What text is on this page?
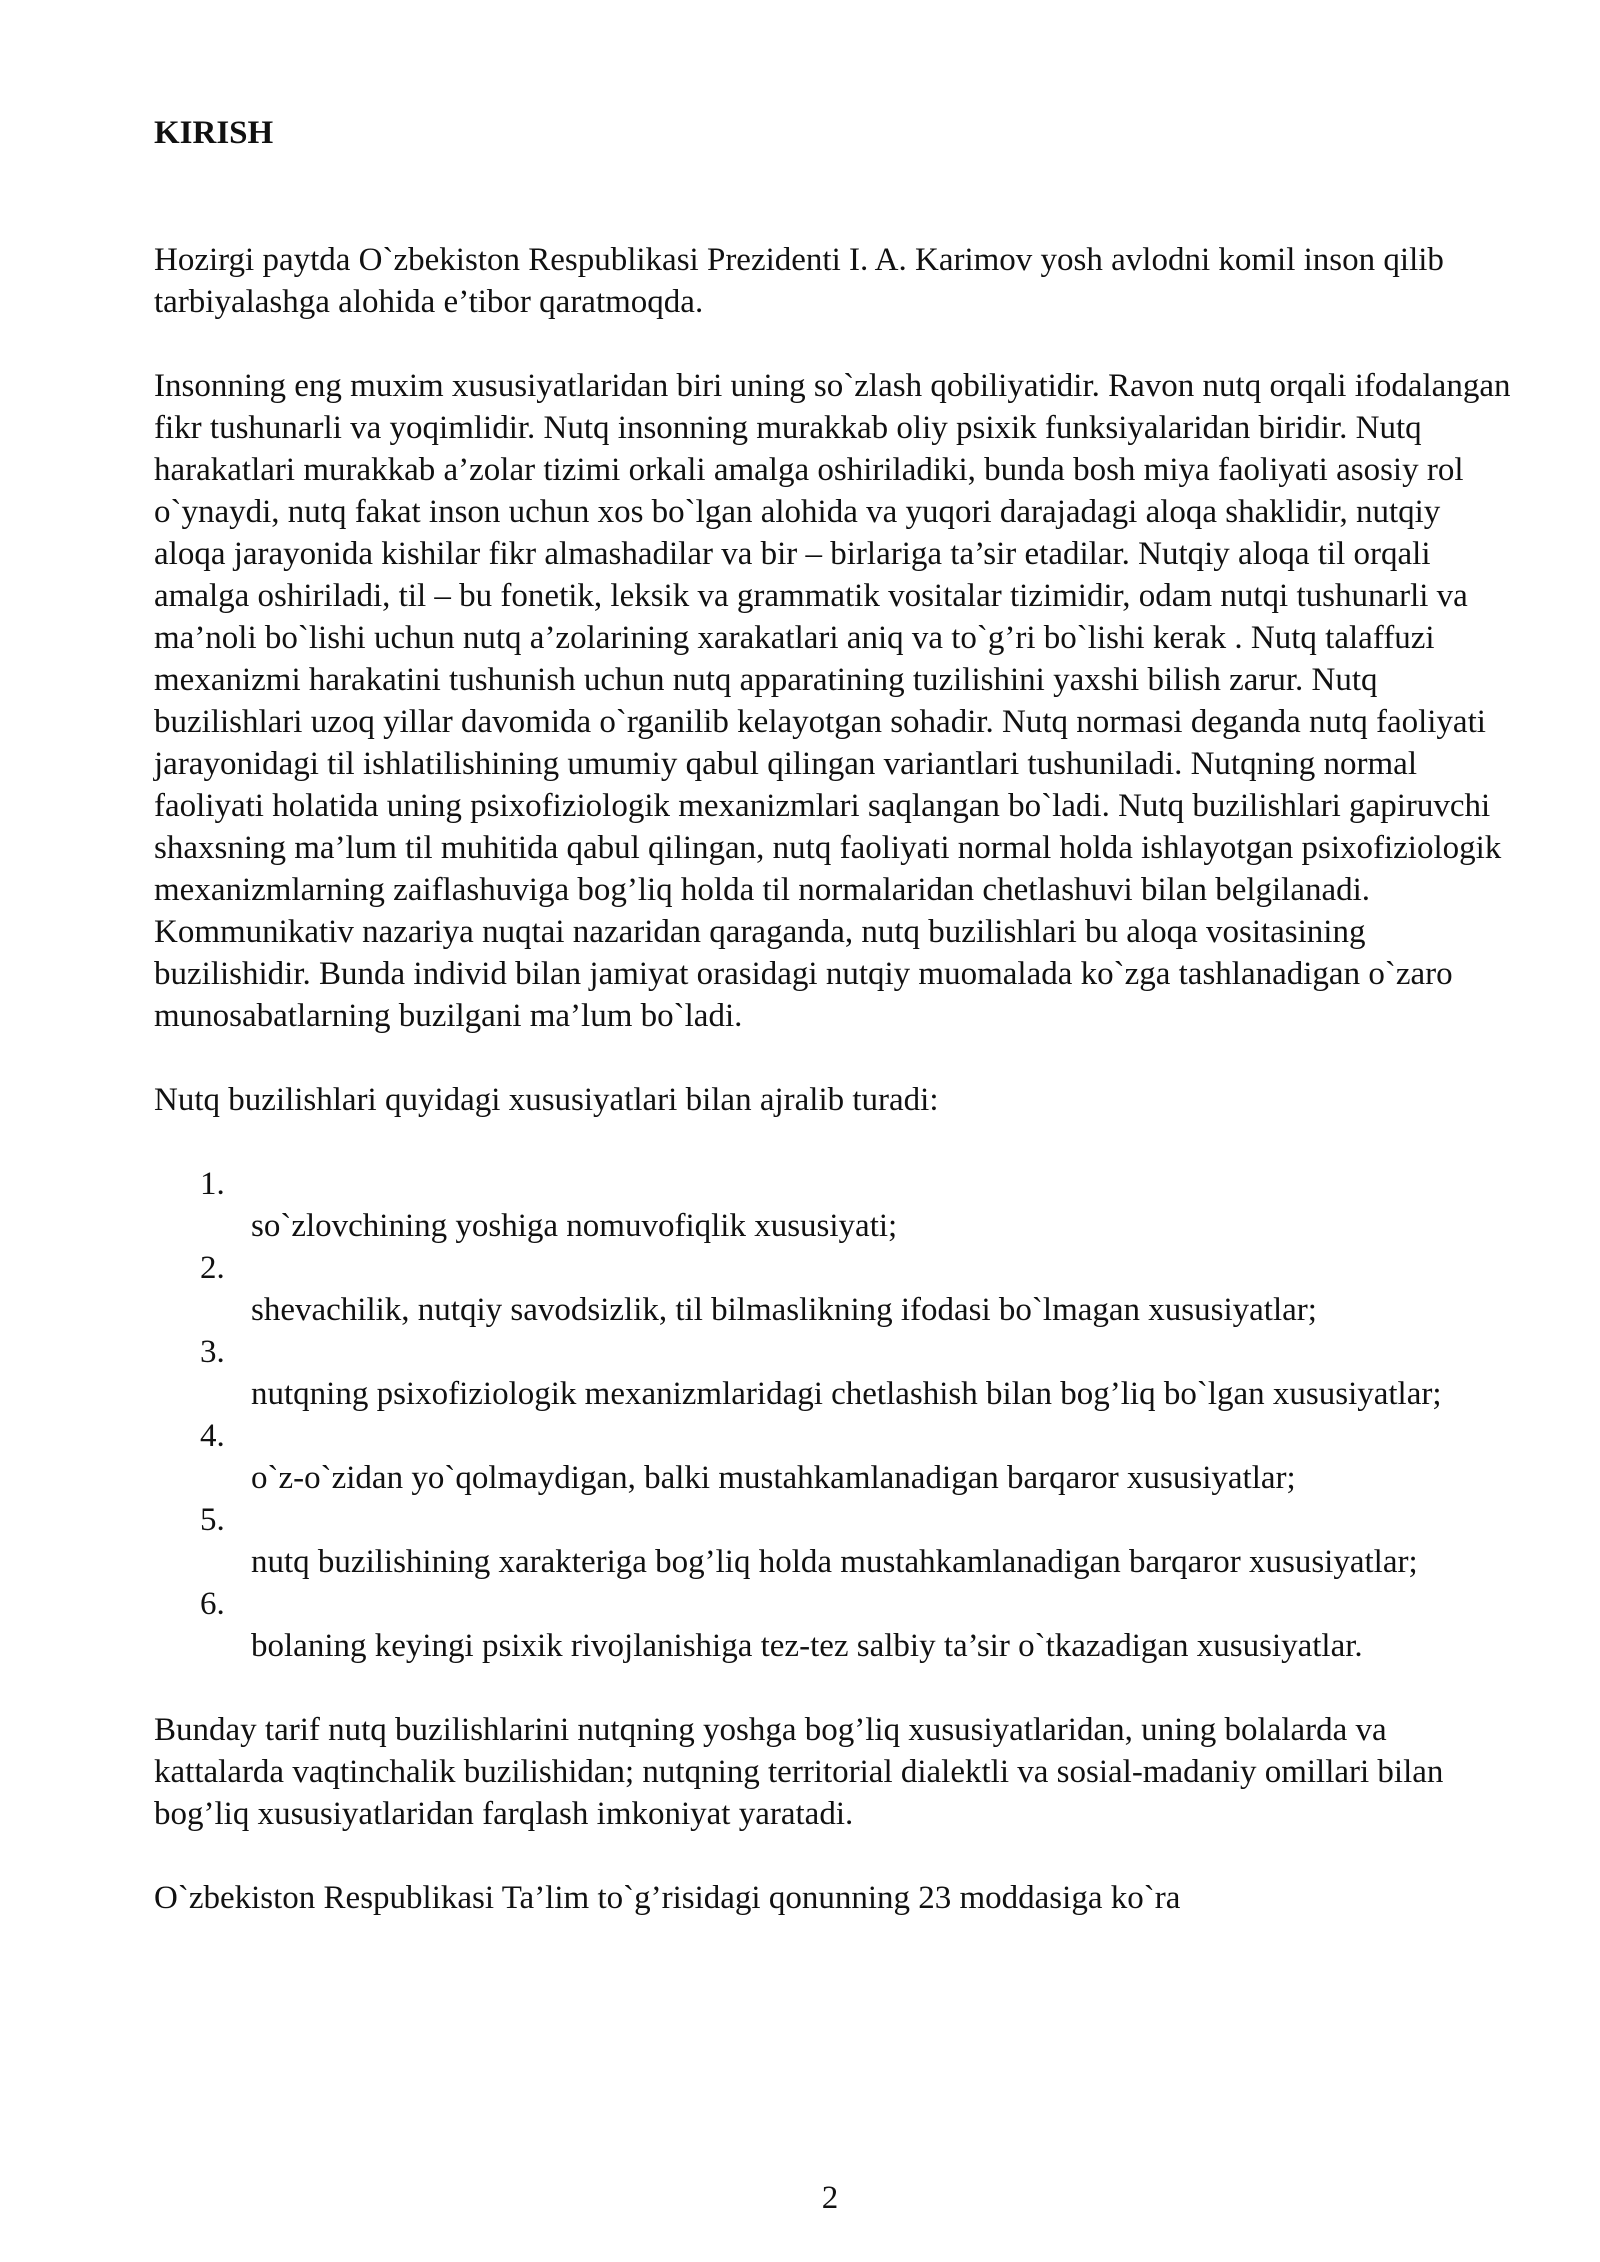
KIRISH

Hozirgi paytda O`zbekiston Respublikasi Prezidenti I. A. Karimov yosh avlodni komil inson qilib tarbiyalashga alohida e’tibor qaratmoqda.

Insonning eng muxim xususiyatlaridan biri uning so`zlash qobiliyatidir. Ravon nutq orqali ifodalangan fikr tushunarli va yoqimlidir. Nutq insonning murakkab oliy psixik funksiyalaridan biridir. Nutq harakatlari murakkab a’zolar tizimi orkali amalga oshiriladiki, bunda bosh miya faoliyati asosiy rol o`ynaydi, nutq fakat inson uchun xos bo`lgan alohida va yuqori darajadagi aloqa shaklidir, nutqiy aloqa jarayonida kishilar fikr almashadilar va bir – birlariga ta’sir etadilar. Nutqiy aloqa til orqali amalga oshiriladi, til – bu fonetik, leksik va grammatik vositalar tizimidir, odam nutqi tushunarli va ma’noli bo`lishi uchun nutq a’zolarining xarakatlari aniq va to`g’ri bo`lishi kerak . Nutq talaffuzi mexanizmi harakatini tushunish uchun nutq apparatining tuzilishini yaxshi bilish zarur. Nutq buzilishlari uzoq yillar davomida o`rganilib kelayotgan sohadir. Nutq normasi deganda nutq faoliyati jarayonidagi til ishlatilishining umumiy qabul qilingan variantlari tushuniladi. Nutqning normal faoliyati holatida uning psixofiziologik mexanizmlari saqlangan bo`ladi. Nutq buzilishlari gapiruvchi shaxsning ma’lum til muhitida qabul qilingan, nutq faoliyati normal holda ishlayotgan psixofiziologik mexanizmlarning zaiflashuviga bog’liq holda til normalaridan chetlashuvi bilan belgilanadi. Kommunikativ nazariya nuqtai nazaridan qaraganda, nutq buzilishlari bu aloqa vositasining buzilishidir. Bunda individ bilan jamiyat orasidagi nutqiy muomalada ko`zga tashlanadigan o`zaro munosabatlarning buzilgani ma’lum bo`ladi.

Nutq buzilishlari quyidagi xususiyatlari bilan ajralib turadi:

1.
so`zlovchining yoshiga nomuvofiqlik xususiyati;
2.
shevachilik, nutqiy savodsizlik, til bilmaslikning ifodasi bo`lmagan xususiyatlar;
3.
nutqning psixofiziologik mexanizmlaridagi chetlashish bilan bog’liq bo`lgan xususiyatlar;
4.
o`z-o`zidan yo`qolmaydigan, balki mustahkamlanadigan barqaror xususiyatlar;
5.
nutq buzilishining xarakteriga bog’liq holda mustahkamlanadigan barqaror xususiyatlar;
6.
bolaning keyingi psixik rivojlanishiga tez-tez salbiy ta’sir o`tkazadigan xususiyatlar.

Bunday tarif nutq buzilishlarini nutqning yoshga bog’liq xususiyatlaridan, uning bolalarda va kattalarda vaqtinchalik buzilishidan; nutqning territorial dialektli va sosial-madaniy omillari bilan bog’liq xususiyatlaridan farqlash imkoniyat yaratadi.

O`zbekiston Respublikasi Ta’lim to`g’risidagi qonunning 23 moddasiga ko`ra

2
